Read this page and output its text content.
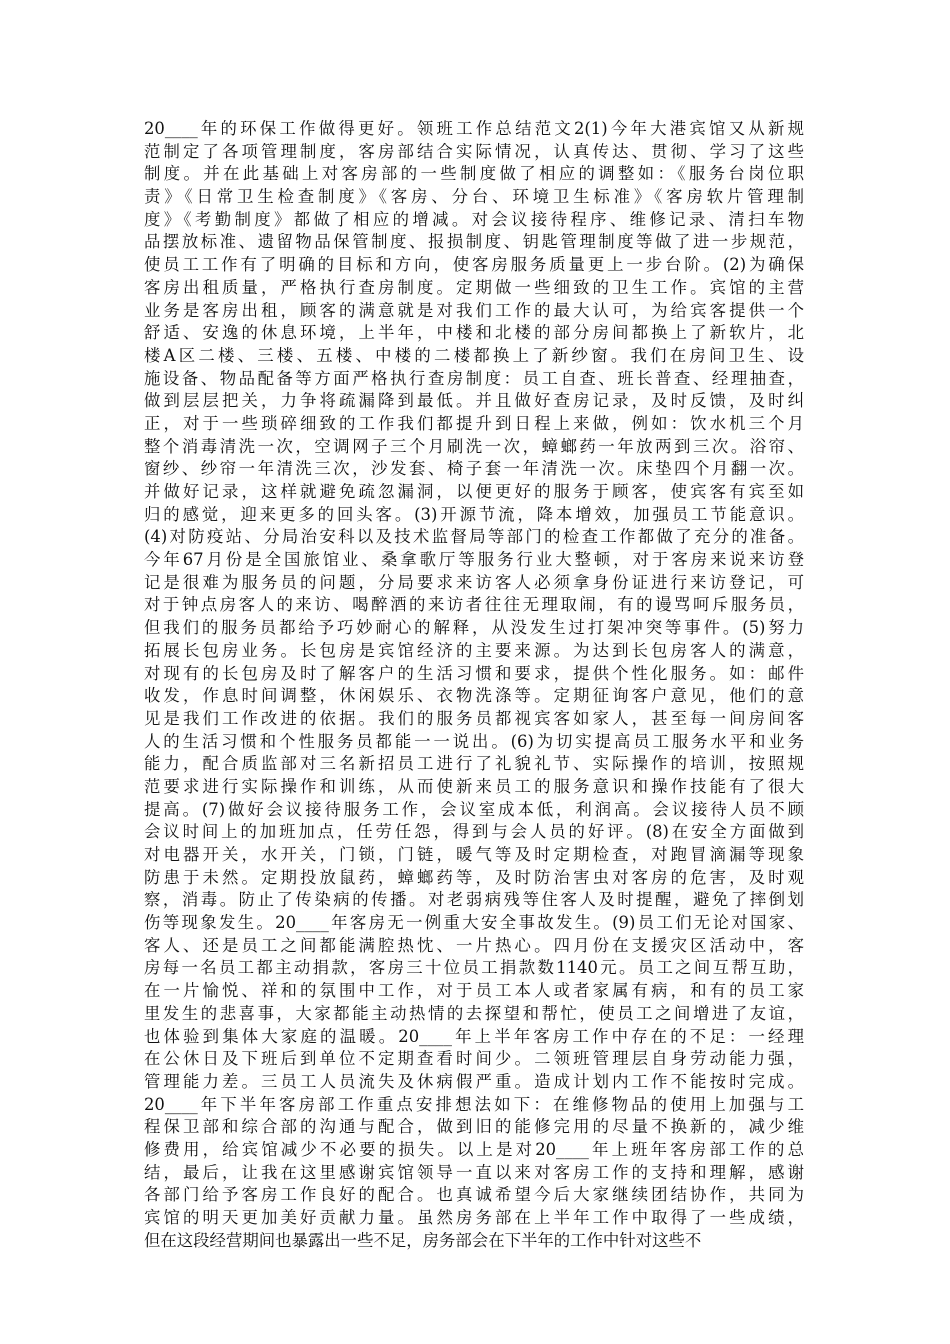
20____年的环保工作做得更好。领班工作总结范文2(1)今年大港宾馆又从新规
范制定了各项管理制度，客房部结合实际情况，认真传达、贯彻、学习了这些
制度。并在此基础上对客房部的一些制度做了相应的调整如：《服务台岗位职
责》《日常卫生检查制度》《客房、分台、环境卫生标准》《客房软片管理制
度》《考勤制度》都做了相应的增减。对会议接待程序、维修记录、清扫车物
品摆放标准、遗留物品保管制度、报损制度、钥匙管理制度等做了进一步规范，
使员工工作有了明确的目标和方向，使客房服务质量更上一步台阶。(2)为确保
客房出租质量，严格执行查房制度。定期做一些细致的卫生工作。宾馆的主营
业务是客房出租，顾客的满意就是对我们工作的最大认可，为给宾客提供一个
舒适、安逸的休息环境，上半年，中楼和北楼的部分房间都换上了新软片，北
楼A区二楼、三楼、五楼、中楼的二楼都换上了新纱窗。我们在房间卫生、设
施设备、物品配备等方面严格执行查房制度：员工自查、班长普查、经理抽查，
做到层层把关，力争将疏漏降到最低。并且做好查房记录，及时反馈，及时纠
正，对于一些琐碎细致的工作我们都提升到日程上来做，例如：饮水机三个月
整个消毒清洗一次，空调网子三个月刷洗一次，蟑螂药一年放两到三次。浴帘、
窗纱、纱帘一年清洗三次，沙发套、椅子套一年清洗一次。床垫四个月翻一次。
并做好记录，这样就避免疏忽漏洞，以便更好的服务于顾客，使宾客有宾至如
归的感觉，迎来更多的回头客。(3)开源节流，降本增效，加强员工节能意识。
(4)对防疫站、分局治安科以及技术监督局等部门的检查工作都做了充分的准备。
今年67月份是全国旅馆业、桑拿歌厅等服务行业大整顿，对于客房来说来访登
记是很难为服务员的问题，分局要求来访客人必须拿身份证进行来访登记，可
对于钟点房客人的来访、喝醉酒的来访者往往无理取闹，有的谩骂呵斥服务员，
但我们的服务员都给予巧妙耐心的解释，从没发生过打架冲突等事件。(5)努力
拓展长包房业务。长包房是宾馆经济的主要来源。为达到长包房客人的满意，
对现有的长包房及时了解客户的生活习惯和要求，提供个性化服务。如：邮件
收发，作息时间调整，休闲娱乐、衣物洗涤等。定期征询客户意见，他们的意
见是我们工作改进的依据。我们的服务员都视宾客如家人，甚至每一间房间客
人的生活习惯和个性服务员都能一一说出。(6)为切实提高员工服务水平和业务
能力，配合质监部对三名新招员工进行了礼貌礼节、实际操作的培训，按照规
范要求进行实际操作和训练，从而使新来员工的服务意识和操作技能有了很大
提高。(7)做好会议接待服务工作，会议室成本低，利润高。会议接待人员不顾
会议时间上的加班加点，任劳任怨，得到与会人员的好评。(8)在安全方面做到
对电器开关，水开关，门锁，门链，暖气等及时定期检查，对跑冒滴漏等现象
防患于未然。定期投放鼠药，蟑螂药等，及时防治害虫对客房的危害，及时观
察，消毒。防止了传染病的传播。对老弱病残等住客人及时提醒，避免了摔倒划
伤等现象发生。20____年客房无一例重大安全事故发生。(9)员工们无论对国家、
客人、还是员工之间都能满腔热忱、一片热心。四月份在支援灾区活动中，客
房每一名员工都主动捐款，客房三十位员工捐款数1140元。员工之间互帮互助，
在一片愉悦、祥和的氛围中工作，对于员工本人或者家属有病，和有的员工家
里发生的悲喜事，大家都能主动热情的去探望和帮忙，使员工之间增进了友谊，
也体验到集体大家庭的温暖。20____年上半年客房工作中存在的不足：一经理
在公休日及下班后到单位不定期查看时间少。二领班管理层自身劳动能力强，
管理能力差。三员工人员流失及休病假严重。造成计划内工作不能按时完成。
20____年下半年客房部工作重点安排想法如下：在维修物品的使用上加强与工
程保卫部和综合部的沟通与配合，做到旧的能修完用的尽量不换新的，减少维
修费用，给宾馆减少不必要的损失。以上是对20____年上班年客房部工作的总
结，最后，让我在这里感谢宾馆领导一直以来对客房工作的支持和理解，感谢
各部门给予客房工作良好的配合。也真诚希望今后大家继续团结协作，共同为
宾馆的明天更加美好贡献力量。虽然房务部在上半年工作中取得了一些成绩，
但在这段经营期间也暴露出一些不足，房务部会在下半年的工作中针对这些不
